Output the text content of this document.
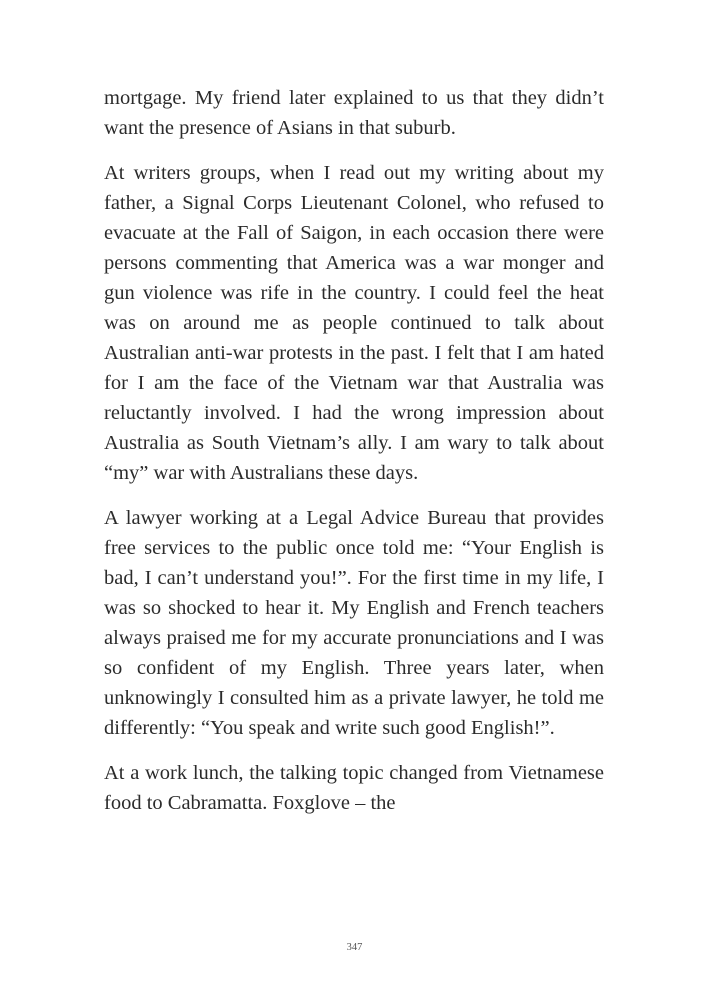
mortgage. My friend later explained to us that they didn’t want the presence of Asians in that suburb.

At writers groups, when I read out my writing about my father, a Signal Corps Lieutenant Colonel, who refused to evacuate at the Fall of Saigon, in each occasion there were persons commenting that America was a war monger and gun violence was rife in the country. I could feel the heat was on around me as people continued to talk about Australian anti-war protests in the past. I felt that I am hated for I am the face of the Vietnam war that Australia was reluctantly involved. I had the wrong impression about Australia as South Vietnam’s ally. I am wary to talk about “my” war with Australians these days.

A lawyer working at a Legal Advice Bureau that provides free services to the public once told me: “Your English is bad, I can’t understand you!”. For the first time in my life, I was so shocked to hear it. My English and French teachers always praised me for my accurate pronunciations and I was so confident of my English. Three years later, when unknowingly I consulted him as a private lawyer, he told me differently: “You speak and write such good English!”.

At a work lunch, the talking topic changed from Vietnamese food to Cabramatta. Foxglove – the

347
